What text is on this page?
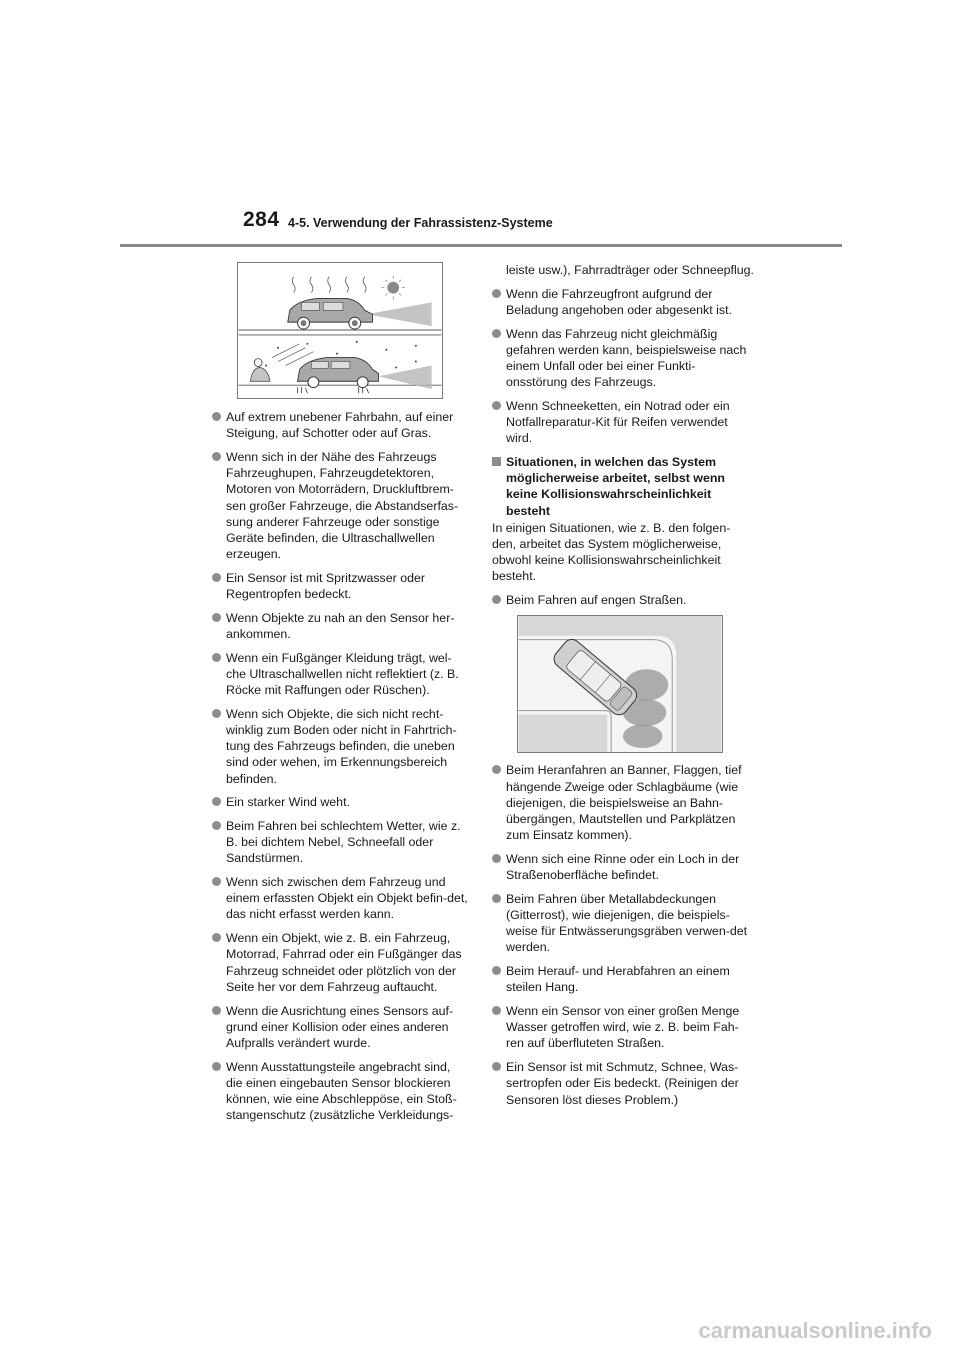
284 4-5. Verwendung der Fahrassistenz-Systeme
Auf extrem unebener Fahrbahn, auf einer Steigung, auf Schotter oder auf Gras.
Wenn sich in der Nähe des Fahrzeugs Fahrzeughupen, Fahrzeugdetektoren, Motoren von Motorrädern, Druckluftbrem-sen großer Fahrzeuge, die Abstandserfas-sung anderer Fahrzeuge oder sonstige Geräte befinden, die Ultraschallwellen erzeugen.
Ein Sensor ist mit Spritzwasser oder Regentropfen bedeckt.
Wenn Objekte zu nah an den Sensor her-ankommen.
Wenn ein Fußgänger Kleidung trägt, wel-che Ultraschallwellen nicht reflektiert (z. B. Röcke mit Raffungen oder Rüschen).
Wenn sich Objekte, die sich nicht recht-winklig zum Boden oder nicht in Fahrtrich-tung des Fahrzeugs befinden, die uneben sind oder wehen, im Erkennungsbereich befinden.
Ein starker Wind weht.
Beim Fahren bei schlechtem Wetter, wie z. B. bei dichtem Nebel, Schneefall oder Sandstürmen.
Wenn sich zwischen dem Fahrzeug und einem erfassten Objekt ein Objekt befin-det, das nicht erfasst werden kann.
Wenn ein Objekt, wie z. B. ein Fahrzeug, Motorrad, Fahrrad oder ein Fußgänger das Fahrzeug schneidet oder plötzlich von der Seite her vor dem Fahrzeug auftaucht.
Wenn die Ausrichtung eines Sensors auf-grund einer Kollision oder eines anderen Aufpralls verändert wurde.
Wenn Ausstattungsteile angebracht sind, die einen eingebauten Sensor blockieren können, wie eine Abschleppöse, ein Stoß-stangenschutz (zusätzliche Verkleidungs-
leiste usw.), Fahrradträger oder Schneepflug.
Wenn die Fahrzeugfront aufgrund der Beladung angehoben oder abgesenkt ist.
Wenn das Fahrzeug nicht gleichmäßig gefahren werden kann, beispielsweise nach einem Unfall oder bei einer Funkti-onsstörung des Fahrzeugs.
Wenn Schneeketten, ein Notrad oder ein Notfallreparatur-Kit für Reifen verwendet wird.
Situationen, in welchen das System möglicherweise arbeitet, selbst wenn keine Kollisionswahrscheinlichkeit besteht
In einigen Situationen, wie z. B. den folgen-den, arbeitet das System möglicherweise, obwohl keine Kollisionswahrscheinlichkeit besteht.
Beim Fahren auf engen Straßen.
Beim Heranfahren an Banner, Flaggen, tief hängende Zweige oder Schlagbäume (wie diejenigen, die beispielsweise an Bahn-übergängen, Mautstellen und Parkplätzen zum Einsatz kommen).
Wenn sich eine Rinne oder ein Loch in der Straßenoberfläche befindet.
Beim Fahren über Metallabdeckungen (Gitterrost), wie diejenigen, die beispiels-weise für Entwässerungsgräben verwen-det werden.
Beim Herauf- und Herabfahren an einem steilen Hang.
Wenn ein Sensor von einer großen Menge Wasser getroffen wird, wie z. B. beim Fah-ren auf überfluteten Straßen.
Ein Sensor ist mit Schmutz, Schnee, Was-sertropfen oder Eis bedeckt. (Reinigen der Sensoren löst dieses Problem.)
carmanualsonline.info
